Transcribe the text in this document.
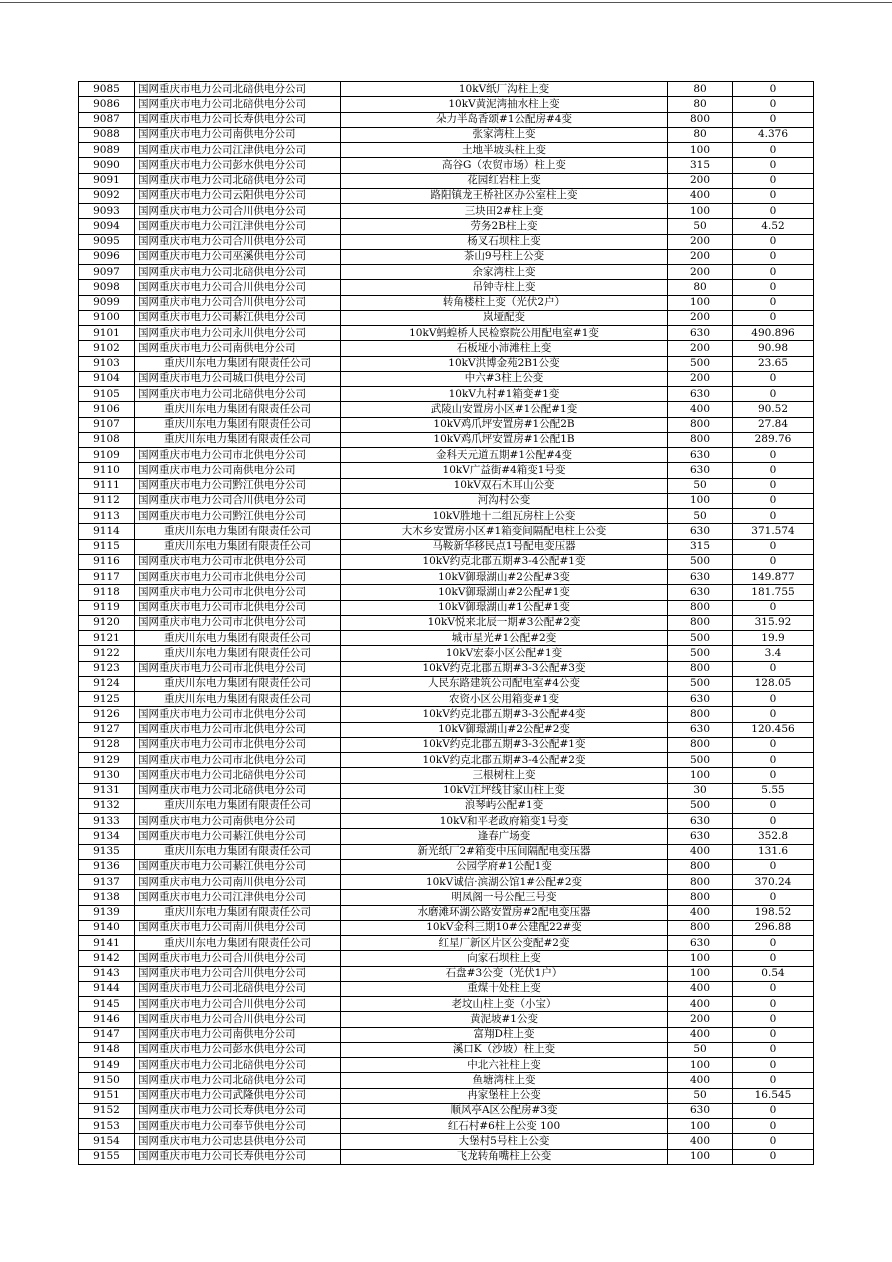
9085	国网重庆市电力公司北碚供电分公司	10kV纸厂沟柱上变	80	0
9086	国网重庆市电力公司北碚供电分公司	10kV黄泥湾抽水柱上变	80	0
9087	国网重庆市电力公司长寿供电分公司	朵力半岛香颂#1公配房#4变	800	0
9088	国网重庆市电力公司南供电分公司	张家湾柱上变	80	4.376
9089	国网重庆市电力公司江津供电分公司	土地半坡头柱上变	100	0
9090	国网重庆市电力公司彭水供电分公司	高谷G（农贸市场）柱上变	315	0
9091	国网重庆市电力公司北碚供电分公司	花园红岩柱上变	200	0
9092	国网重庆市电力公司云阳供电分公司	路阳镇龙王桥社区办公室柱上变	400	0
9093	国网重庆市电力公司合川供电分公司	三块田2#柱上变	100	0
9094	国网重庆市电力公司江津供电分公司	劳务2B柱上变	50	4.52
9095	国网重庆市电力公司合川供电分公司	杨叉石坝柱上变	200	0
9096	国网重庆市电力公司巫溪供电分公司	茶山9号柱上公变	200	0
9097	国网重庆市电力公司北碚供电分公司	余家湾柱上变	200	0
9098	国网重庆市电力公司合川供电分公司	吊钟寺柱上变	80	0
9099	国网重庆市电力公司合川供电分公司	转角楼柱上变（光伏2户）	100	0
9100	国网重庆市电力公司綦江供电分公司	岚垭配变	200	0
9101	国网重庆市电力公司永川供电分公司	10kV蚂蝗桥人民检察院公用配电室#1变	630	490.896
9102	国网重庆市电力公司南供电分公司	石板垭小沛滩柱上变	200	90.98
9103	重庆川东电力集团有限责任公司	10kV洪博金苑2B1公变	500	23.65
9104	国网重庆市电力公司城口供电分公司	中六#3柱上公变	200	0
9105	国网重庆市电力公司北碚供电分公司	10kV九村#1箱变#1变	630	0
9106	重庆川东电力集团有限责任公司	武陵山安置房小区#1公配#1变	400	90.52
9107	重庆川东电力集团有限责任公司	10kV鸡爪坪安置房#1公配2B	800	27.84
9108	重庆川东电力集团有限责任公司	10kV鸡爪坪安置房#1公配1B	800	289.76
9109	国网重庆市电力公司市北供电分公司	金科天元道五期#1公配#4变	630	0
9110	国网重庆市电力公司南供电分公司	10kV广益街#4箱变1号变	630	0
9111	国网重庆市电力公司黔江供电分公司	10kV双石木耳山公变	50	0
9112	国网重庆市电力公司合川供电分公司	河沟村公变	100	0
9113	国网重庆市电力公司黔江供电分公司	10kV胜地十二组瓦房柱上公变	50	0
9114	重庆川东电力集团有限责任公司	大木乡安置房小区#1箱变间隔配电柱上公变	630	371.574
9115	重庆川东电力集团有限责任公司	马鞍新华移民点1号配电变压器	315	0
9116	国网重庆市电力公司市北供电分公司	10kV约克北郡五期#3-4公配#1变	500	0
9117	国网重庆市电力公司市北供电分公司	10kV御璟湖山#2公配#3变	630	149.877
9118	国网重庆市电力公司市北供电分公司	10kV御璟湖山#2公配#1变	630	181.755
9119	国网重庆市电力公司市北供电分公司	10kV御璟湖山#1公配#1变	800	0
9120	国网重庆市电力公司市北供电分公司	10kV悦来北辰一期#3公配#2变	800	315.92
9121	重庆川东电力集团有限责任公司	城市星光#1公配#2变	500	19.9
9122	重庆川东电力集团有限责任公司	10kV宏泰小区公配#1变	500	3.4
9123	国网重庆市电力公司市北供电分公司	10kV约克北郡五期#3-3公配#3变	800	0
9124	重庆川东电力集团有限责任公司	人民东路建筑公司配电室#4公变	500	128.05
9125	重庆川东电力集团有限责任公司	农资小区公用箱变#1变	630	0
9126	国网重庆市电力公司市北供电分公司	10kV约克北郡五期#3-3公配#4变	800	0
9127	国网重庆市电力公司市北供电分公司	10kV御璟湖山#2公配#2变	630	120.456
9128	国网重庆市电力公司市北供电分公司	10kV约克北郡五期#3-3公配#1变	800	0
9129	国网重庆市电力公司市北供电分公司	10kV约克北郡五期#3-4公配#2变	500	0
9130	国网重庆市电力公司北碚供电分公司	三根树柱上变	100	0
9131	国网重庆市电力公司北碚供电分公司	10kV江坪线甘家山柱上变	30	5.55
9132	重庆川东电力集团有限责任公司	浪琴屿公配#1变	500	0
9133	国网重庆市电力公司南供电分公司	10kV和平老政府箱变1号变	630	0
9134	国网重庆市电力公司綦江供电分公司	逢春广场变	630	352.8
9135	重庆川东电力集团有限责任公司	新光纸厂2#箱变中压间隔配电变压器	400	131.6
9136	国网重庆市电力公司綦江供电分公司	公园学府#1公配1变	800	0
9137	国网重庆市电力公司南川供电分公司	10kV诚信·滨湖公馆1#公配#2变	800	370.24
9138	国网重庆市电力公司江津供电分公司	明凤阁一号公配三号变	800	0
9139	重庆川东电力集团有限责任公司	水磨滩环湖公路安置房#2配电变压器	400	198.52
9140	国网重庆市电力公司南川供电分公司	10kV金科三期10#公建配22#变	800	296.88
9141	重庆川东电力集团有限责任公司	红星厂新区片区公变配#2变	630	0
9142	国网重庆市电力公司合川供电分公司	向家石坝柱上变	100	0
9143	国网重庆市电力公司合川供电分公司	石盘#3公变（光伏1户）	100	0.54
9144	国网重庆市电力公司北碚供电分公司	重煤十处柱上变	400	0
9145	国网重庆市电力公司合川供电分公司	老坟山柱上变（小宝）	400	0
9146	国网重庆市电力公司合川供电分公司	黄泥坡#1公变	200	0
9147	国网重庆市电力公司南供电分公司	富翔D柱上变	400	0
9148	国网重庆市电力公司彭水供电分公司	溪口K（沙坡）柱上变	50	0
9149	国网重庆市电力公司北碚供电分公司	中北六社柱上变	100	0
9150	国网重庆市电力公司北碚供电分公司	鱼塘湾柱上变	400	0
9151	国网重庆市电力公司武隆供电分公司	冉家堡柱上公变	50	16.545
9152	国网重庆市电力公司长寿供电分公司	顺风亭A区公配房#3变	630	0
9153	国网重庆市电力公司奉节供电分公司	红石村#6柱上公变 100	100	0
9154	国网重庆市电力公司忠县供电分公司	大堡村5号柱上公变	400	0
9155	国网重庆市电力公司长寿供电分公司	飞龙转角嘴柱上公变	100	0
